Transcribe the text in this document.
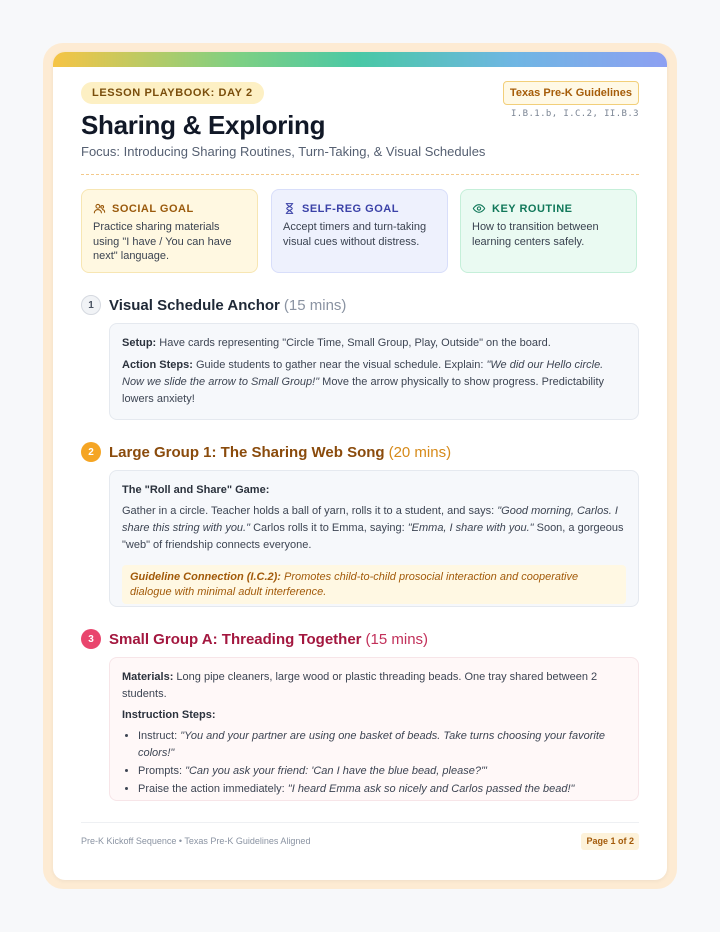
LESSON PLAYBOOK: DAY 2	Texas Pre-K Guidelines
I.B.1.b, I.C.2, II.B.3
Sharing & Exploring
Focus: Introducing Sharing Routines, Turn-Taking, & Visual Schedules
SOCIAL GOAL
Practice sharing materials using "I have / You can have next" language.
SELF-REG GOAL
Accept timers and turn-taking visual cues without distress.
KEY ROUTINE
How to transition between learning centers safely.
1	Visual Schedule Anchor (15 mins)

Setup: Have cards representing "Circle Time, Small Group, Play, Outside" on the board.

Action Steps: Guide students to gather near the visual schedule. Explain: "We did our Hello circle. Now we slide the arrow to Small Group!" Move the arrow physically to show progress. Predictability lowers anxiety!

2	Large Group 1: The Sharing Web Song (20 mins)

The "Roll and Share" Game:

Gather in a circle. Teacher holds a ball of yarn, rolls it to a student, and says: "Good morning, Carlos. I share this string with you." Carlos rolls it to Emma, saying: "Emma, I share with you." Soon, a gorgeous "web" of friendship connects everyone.

Guideline Connection (I.C.2): Promotes child-to-child prosocial interaction and cooperative dialogue with minimal adult interference.
3	Small Group A: Threading Together (15 mins)

Materials: Long pipe cleaners, large wood or plastic threading beads. One tray shared between 2 students.

Instruction Steps:

• Instruct: "You and your partner are using one basket of beads. Take turns choosing your favorite colors!"
• Prompts: "Can you ask your friend: 'Can I have the blue bead, please?'"
• Praise the action immediately: "I heard Emma ask so nicely and Carlos passed the bead!"
Pre-K Kickoff Sequence • Texas Pre-K Guidelines Aligned	Page 1 of 2
